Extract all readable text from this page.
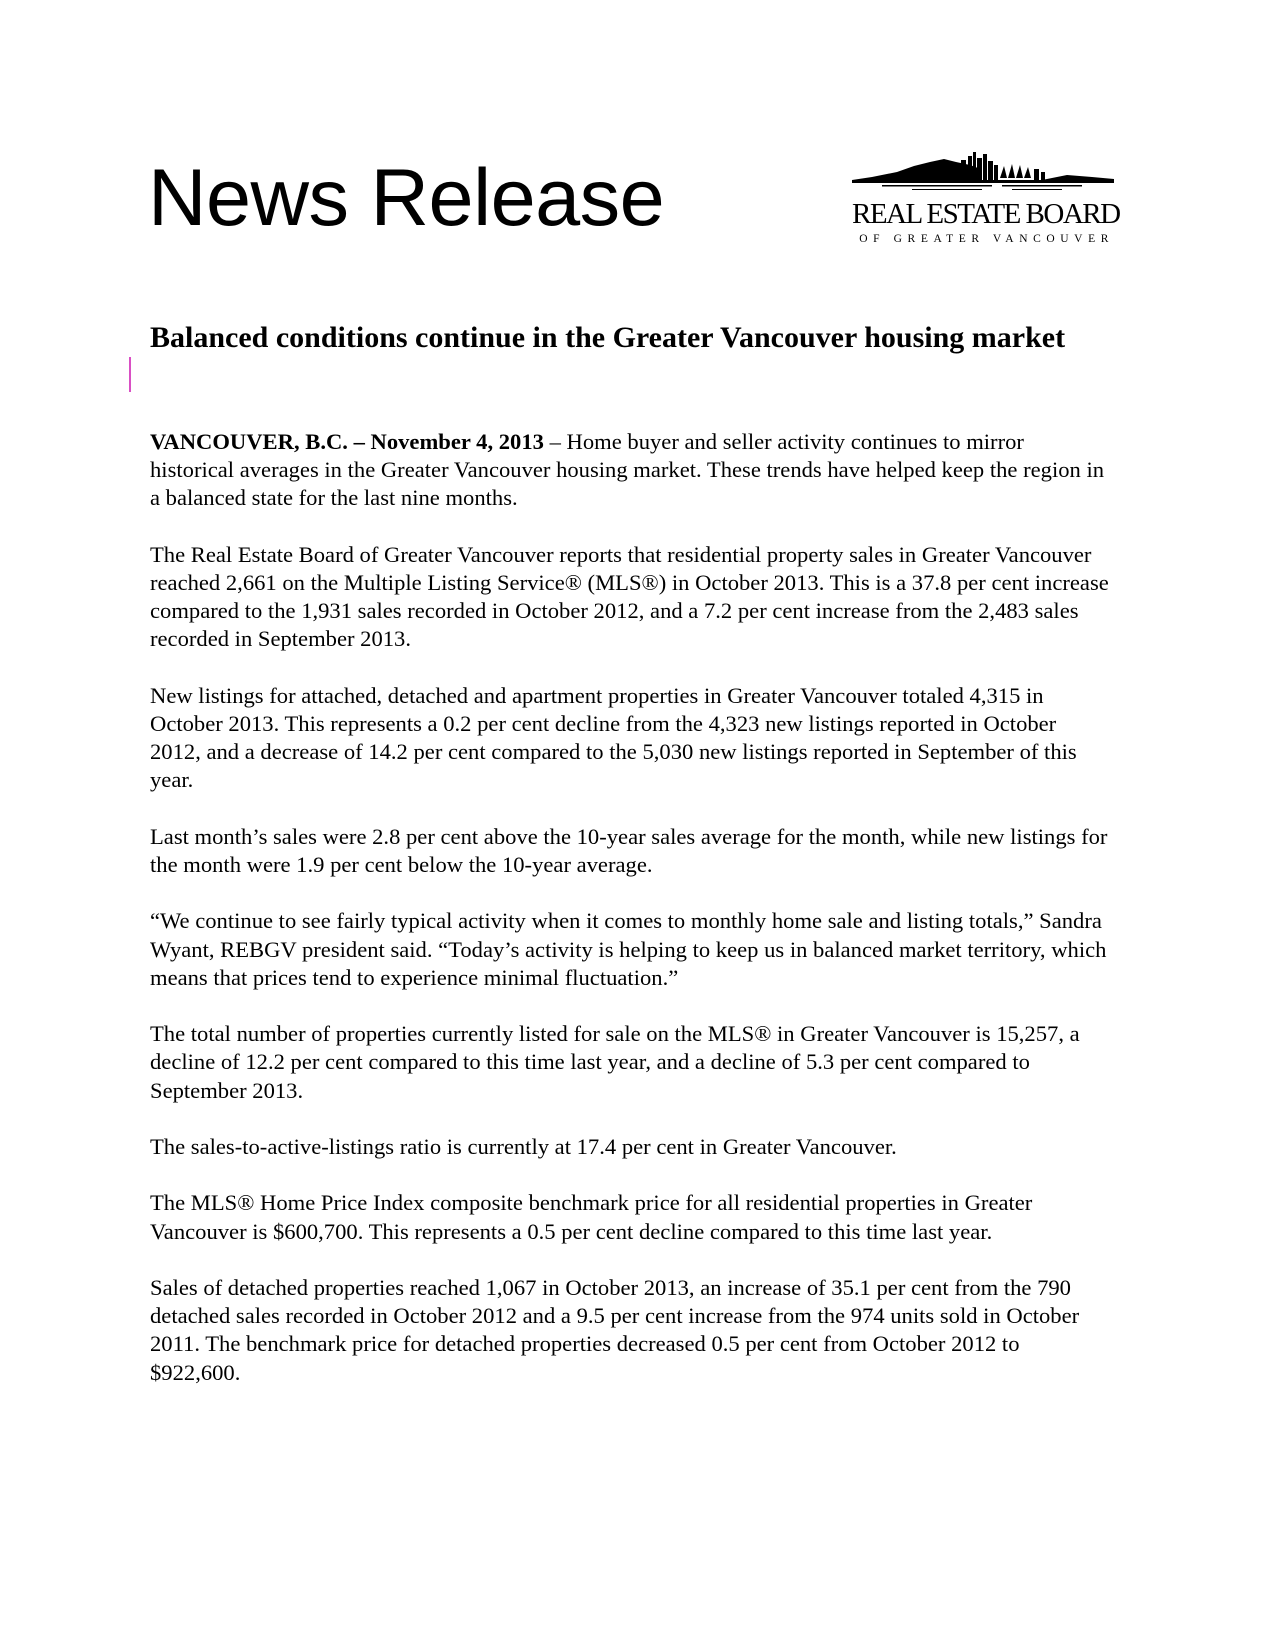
News Release	REAL ESTATE BOARD
OF GREATER VANCOUVER
Balanced conditions continue in the Greater Vancouver housing market

VANCOUVER, B.C. – November 4, 2013 – Home buyer and seller activity continues to mirror historical averages in the Greater Vancouver housing market. These trends have helped keep the region in a balanced state for the last nine months.

The Real Estate Board of Greater Vancouver reports that residential property sales in Greater Vancouver reached 2,661 on the Multiple Listing Service® (MLS®) in October 2013. This is a 37.8 per cent increase compared to the 1,931 sales recorded in October 2012, and a 7.2 per cent increase from the 2,483 sales recorded in September 2013.

New listings for attached, detached and apartment properties in Greater Vancouver totaled 4,315 in October 2013. This represents a 0.2 per cent decline from the 4,323 new listings reported in October 2012, and a decrease of 14.2 per cent compared to the 5,030 new listings reported in September of this year.

Last month’s sales were 2.8 per cent above the 10-year sales average for the month, while new listings for the month were 1.9 per cent below the 10-year average.

“We continue to see fairly typical activity when it comes to monthly home sale and listing totals,” Sandra Wyant, REBGV president said. “Today’s activity is helping to keep us in balanced market territory, which means that prices tend to experience minimal fluctuation.”

The total number of properties currently listed for sale on the MLS® in Greater Vancouver is 15,257, a decline of 12.2 per cent compared to this time last year, and a decline of 5.3 per cent compared to September 2013.

The sales-to-active-listings ratio is currently at 17.4 per cent in Greater Vancouver.

The MLS® Home Price Index composite benchmark price for all residential properties in Greater Vancouver is $600,700. This represents a 0.5 per cent decline compared to this time last year.

Sales of detached properties reached 1,067 in October 2013, an increase of 35.1 per cent from the 790 detached sales recorded in October 2012 and a 9.5 per cent increase from the 974 units sold in October 2011. The benchmark price for detached properties decreased 0.5 per cent from October 2012 to $922,600.
